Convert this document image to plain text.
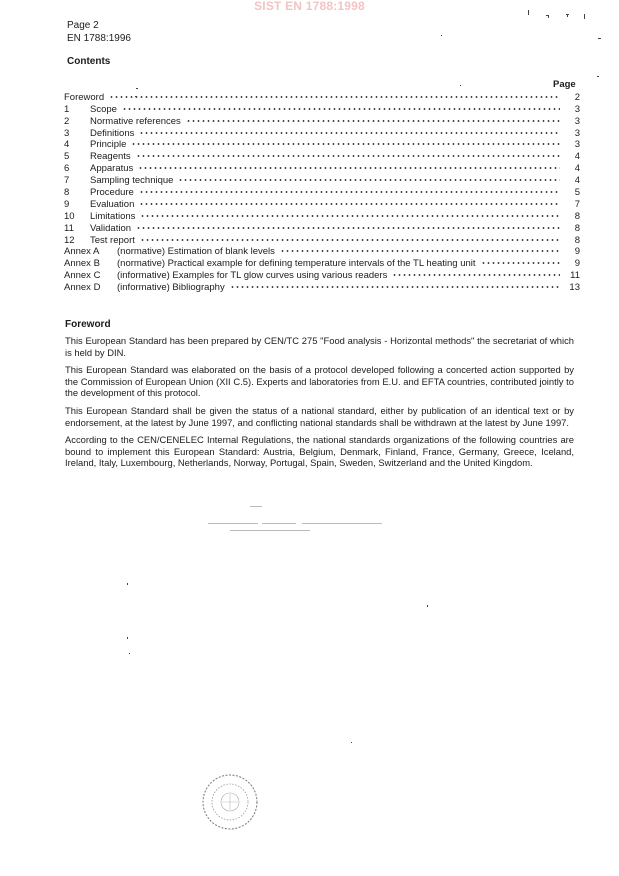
SIST EN 1788:1998
Page 2
EN 1788:1996
Contents
Page
Foreword	2
1	Scope	3
2	Normative references	3
3	Definitions	3
4	Principle	3
5	Reagents	4
6	Apparatus	4
7	Sampling technique	4
8	Procedure	5
9	Evaluation	7
10	Limitations	8
11	Validation	8
12	Test report	8
Annex A	(normative) Estimation of blank levels	9
Annex B	(normative) Practical example for defining temperature intervals of the TL heating unit	9
Annex C	(informative) Examples for TL glow curves using various readers	11
Annex D	(informative) Bibliography	13
Foreword

This European Standard has been prepared by CEN/TC 275 "Food analysis - Horizontal methods" the secretariat of which is held by DIN.

This European Standard was elaborated on the basis of a protocol developed following a concerted action supported by the Commission of European Union (XII C.5). Experts and laboratories from E.U. and EFTA countries, contributed jointly to the development of this protocol.

This European Standard shall be given the status of a national standard, either by publication of an identical text or by endorsement, at the latest by June 1997, and conflicting national standards shall be withdrawn at the latest by June 1997.

According to the CEN/CENELEC Internal Regulations, the national standards organizations of the following countries are bound to implement this European Standard: Austria, Belgium, Denmark, Finland, France, Germany, Greece, Iceland, Ireland, Italy, Luxembourg, Netherlands, Norway, Portugal, Spain, Sweden, Switzerland and the United Kingdom.
